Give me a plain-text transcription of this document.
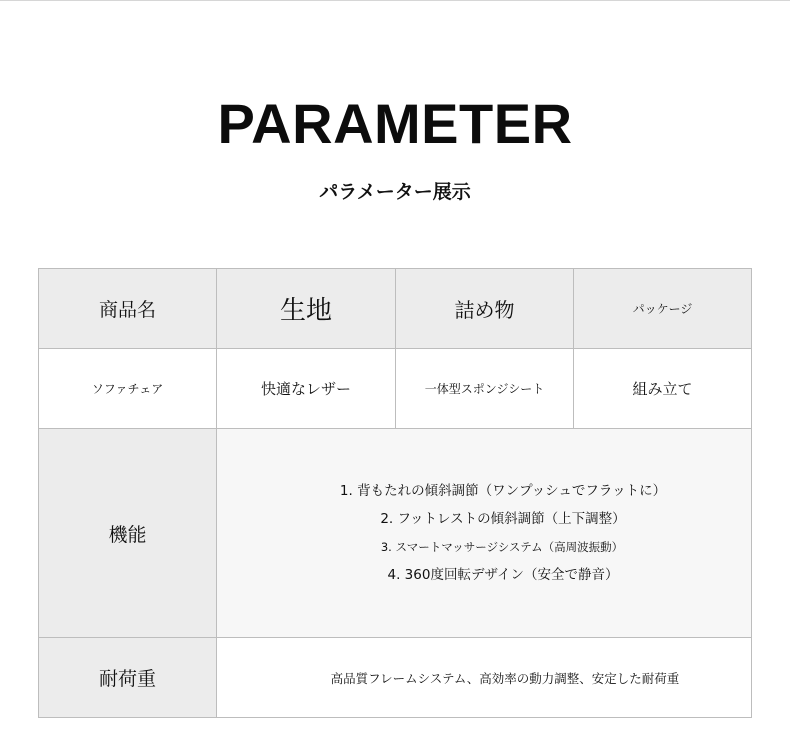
PARAMETER
パラメーター展示
商品名	生地	詰め物	パッケージ
ソファチェア	快適なレザー	一体型スポンジシート	組み立て
機能	1. 背もたれの傾斜調節（ワンプッシュでフラットに）
2. フットレストの傾斜調節（上下調整）
3. スマートマッサージシステム（高周波振動）
4. 360度回転デザイン（安全で静音）		

耐荷重	高品質フレームシステム、高効率の動力調整、安定した耐荷重		
